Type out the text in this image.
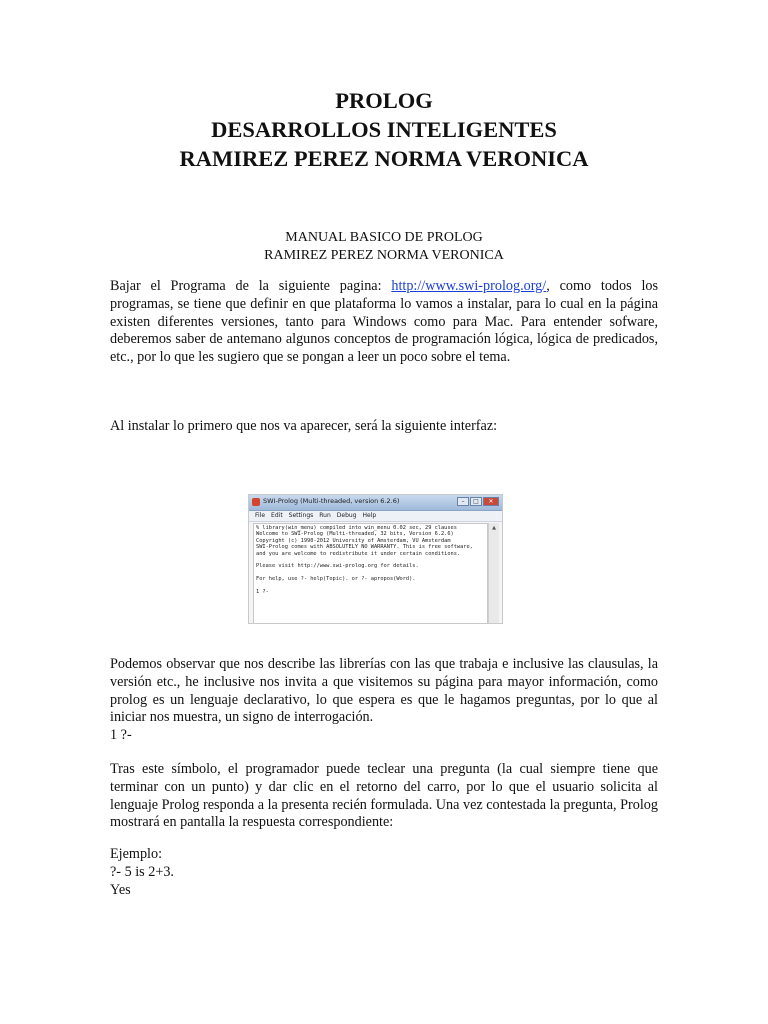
PROLOG
DESARROLLOS INTELIGENTES
RAMIREZ PEREZ NORMA VERONICA
MANUAL BASICO DE PROLOG
RAMIREZ PEREZ NORMA VERONICA

Bajar el Programa de la siguiente pagina: http://www.swi-prolog.org/, como todos los programas, se tiene que definir en que plataforma lo vamos a instalar, para lo cual en la página existen diferentes versiones, tanto para Windows como para Mac. Para entender sofware, deberemos saber de antemano algunos conceptos de programación lógica, lógica de predicados, etc., por lo que les sugiero que se pongan a leer un poco sobre el tema.

Al instalar lo primero que nos va aparecer, será la siguiente interfaz:

SWI-Prolog (Multi-threaded, version 6.2.6)	–	□	✕
File Edit Settings Run Debug Help
% library(win_menu) compiled into win_menu 0.02 sec, 29 clauses
Welcome to SWI-Prolog (Multi-threaded, 32 bits, Version 6.2.6)
Copyright (c) 1990-2012 University of Amsterdam, VU Amsterdam
SWI-Prolog comes with ABSOLUTELY NO WARRANTY. This is free software,
and you are welcome to redistribute it under certain conditions.
Please visit http://www.swi-prolog.org for details.
For help, use ?- help(Topic). or ?- apropos(Word).
1 ?-
▲

Podemos observar que nos describe las librerías con las que trabaja e inclusive las clausulas, la versión etc., he inclusive nos invita a que visitemos su página para mayor información, como prolog es un lenguaje declarativo, lo que espera es que le hagamos preguntas, por lo que al iniciar nos muestra, un signo de interrogación.

1 ?-

Tras este símbolo, el programador puede teclear una pregunta (la cual siempre tiene que terminar con un punto) y dar clic en el retorno del carro, por lo que el usuario solicita al lenguaje Prolog responda a la presenta recién formulada. Una vez contestada la pregunta, Prolog mostrará en pantalla la respuesta correspondiente:

Ejemplo:

?- 5 is 2+3.

Yes
